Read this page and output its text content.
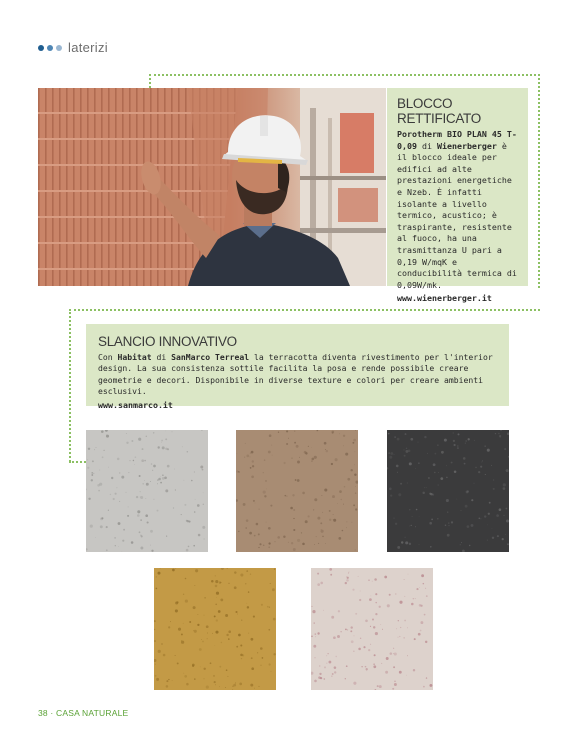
laterizi
BLOCCO RETTIFICATO
Porotherm BIO PLAN 45 T-0,09 di Wienerberger è il blocco ideale per edifici ad alte prestazioni energetiche e Nzeb. È infatti isolante a livello termico, acustico; è traspirante, resistente al fuoco, ha una trasmittanza U pari a 0,19 W/mqK e conducibilità termica di 0,09W/mk.
www.wienerberger.it
SLANCIO INNOVATIVO
Con Habitat di SanMarco Terreal la terracotta diventa rivestimento per l'interior design. La sua consistenza sottile facilita la posa e rende possibile creare geometrie e decori. Disponibile in diverse texture e colori per creare ambienti esclusivi.
www.sanmarco.it
38 · CASA NATURALE
